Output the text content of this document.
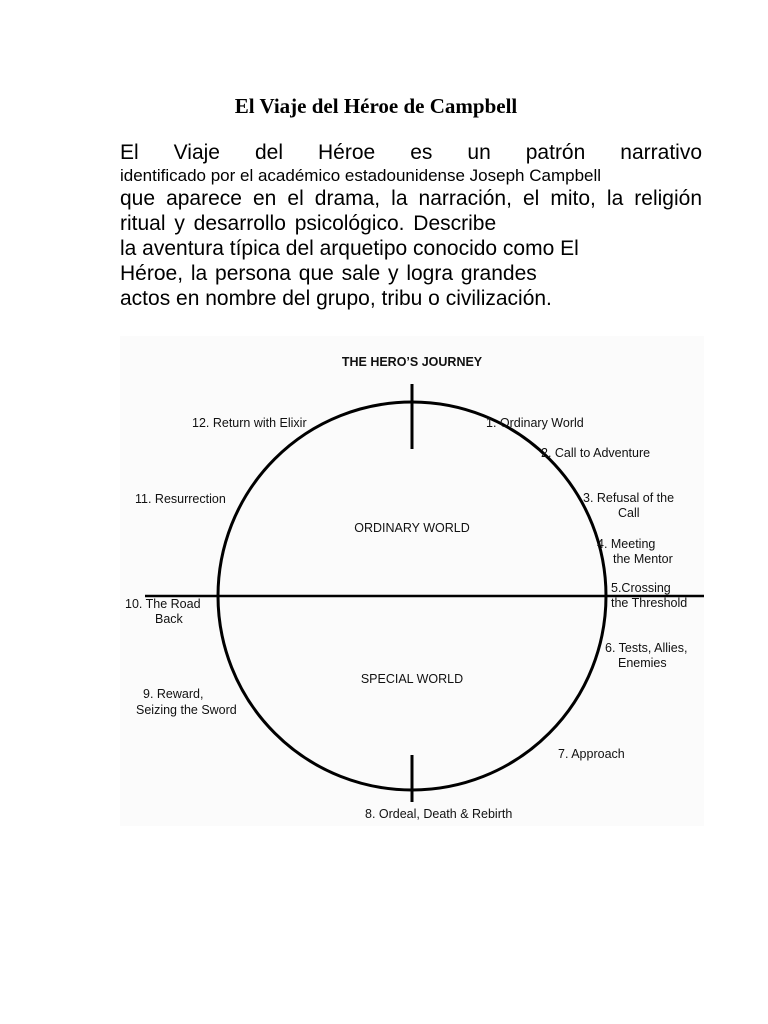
El Viaje del Héroe de Campbell
El Viaje del Héroe es un patrón narrativo
identificado por el académico estadounidense Joseph Campbell
que aparece en el drama, la narración, el mito, la religión
ritual y desarrollo psicológico. Describe
la aventura típica del arquetipo conocido como El
Héroe, la persona que sale y logra grandes
actos en nombre del grupo, tribu o civilización.
THE HERO’S JOURNEY
ORDINARY WORLD
SPECIAL WORLD
1. Ordinary World
2. Call to Adventure
3. Refusal of the
Call
4. Meeting
the Mentor
5.Crossing
the Threshold
6. Tests, Allies,
Enemies
7. Approach
8. Ordeal, Death & Rebirth
9. Reward,
Seizing the Sword
10. The Road
Back
11. Resurrection
12. Return with Elixir
